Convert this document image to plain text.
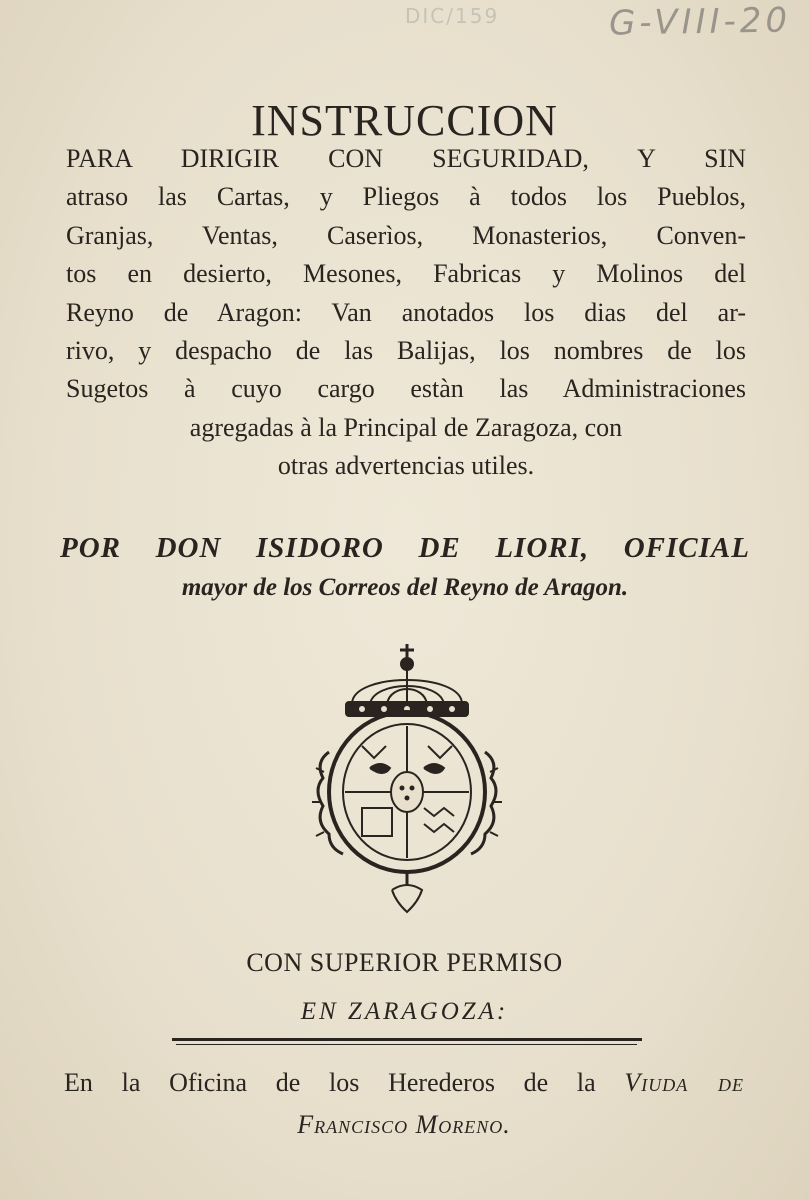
DIC/159	G-VIII-20
INSTRUCCION
PARA DIRIGIR CON SEGURIDAD, Y SIN
atraso las Cartas, y Pliegos à todos los Pueblos,
Granjas, Ventas, Caserìos, Monasterios, Conven-
tos en desierto, Mesones, Fabricas y Molinos del
Reyno de Aragon: Van anotados los dias del ar-
rivo, y despacho de las Balijas, los nombres de los
Sugetos à cuyo cargo estàn las Administraciones
agregadas à la Principal de Zaragoza, con
otras advertencias utiles.
POR DON ISIDORO DE LIORI, OFICIAL
mayor de los Correos del Reyno de Aragon.
CON SUPERIOR PERMISO
EN ZARAGOZA:
En la Oficina de los Herederos de la Viuda de
Francisco Moreno.
